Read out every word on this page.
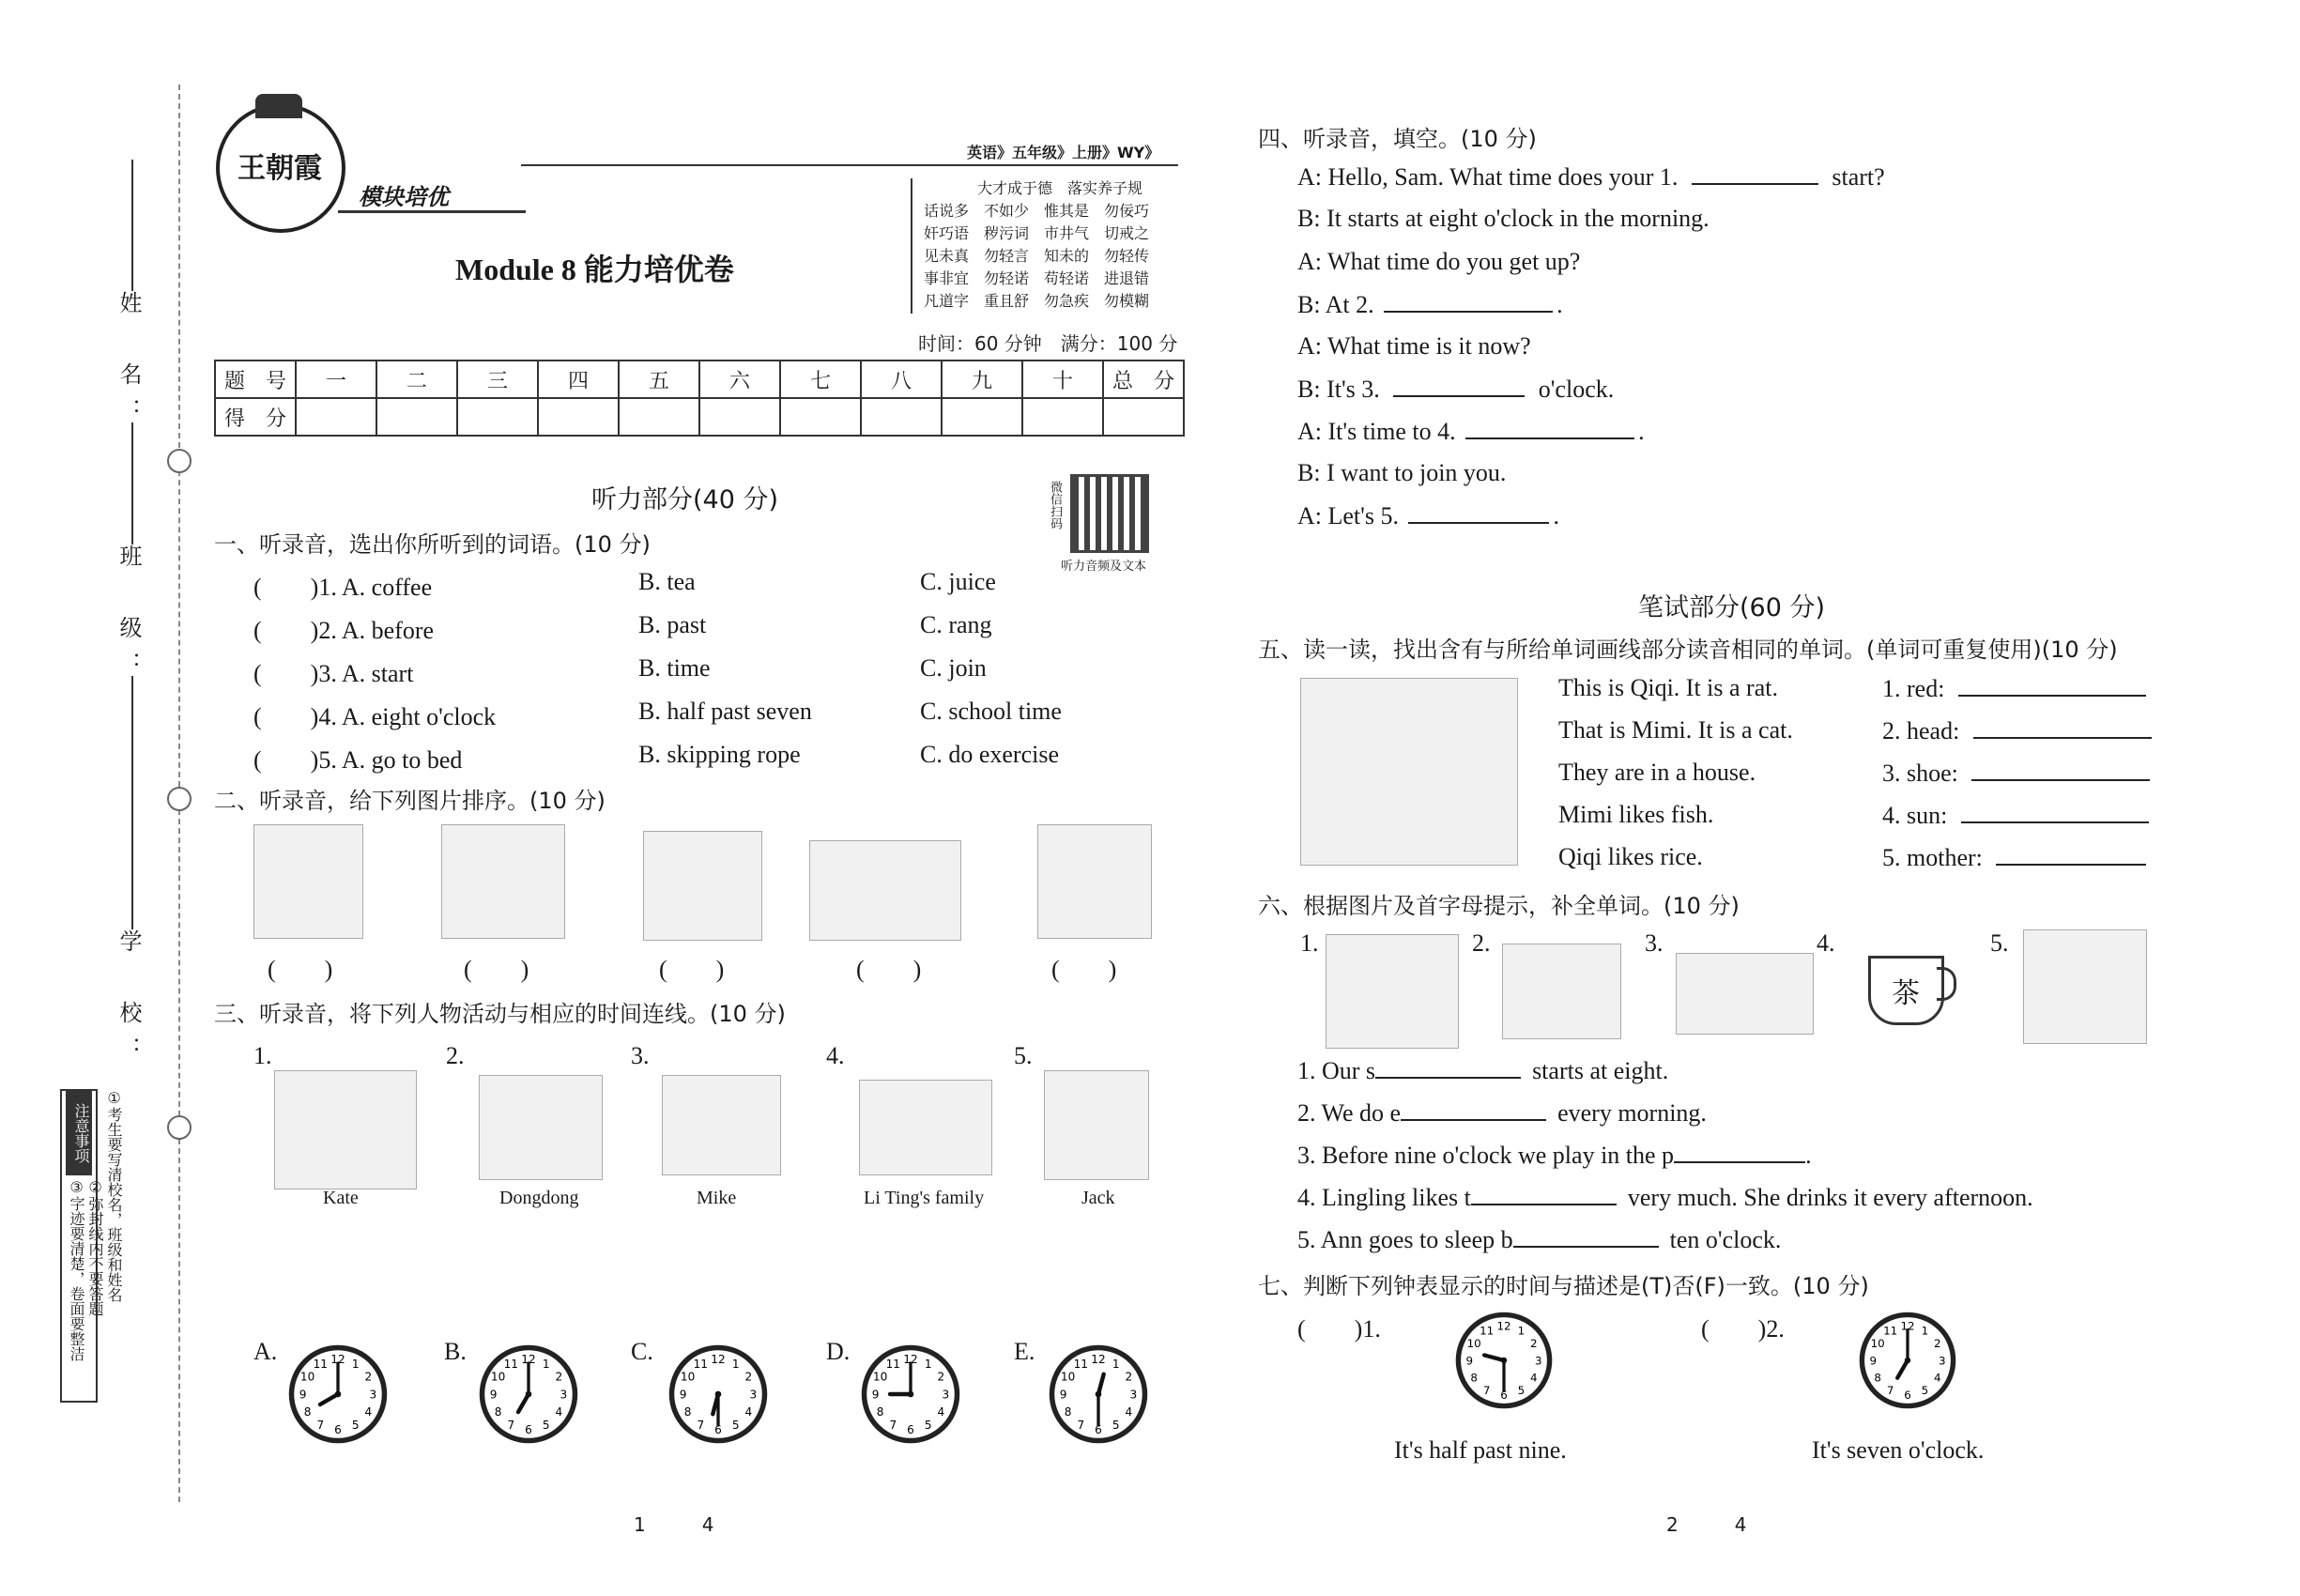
姓　名：
班　级：
学　校：
注意事项 ①考生要写清校名，班级和姓名
②弥封线内不要答题
③字迹要清楚，卷面要整洁
王朝霞
模块培优
英语》五年级》上册》WY》
大才成于德　落实养子规
话说多　不如少　惟其是　勿佞巧
奸巧语　秽污词　市井气　切戒之
见未真　勿轻言　知未的　勿轻传
事非宜　勿轻诺　苟轻诺　进退错
凡道字　重且舒　勿急疾　勿模糊
Module 8 能力培优卷
时间：60 分钟　满分：100 分
题　号	一	二	三	四	五	六	七	八	九	十	总　分
得　分											
听力部分(40 分)	微信扫码
听力音频及文本
一、听录音，选出你所听到的词语。(10 分)
(　　)1. A. coffee	B. tea	C. juice
(　　)2. A. before	B. past	C. rang
(　　)3. A. start	B. time	C. join
(　　)4. A. eight o'clock	B. half past seven	C. school time
(　　)5. A. go to bed	B. skipping rope	C. do exercise
二、听录音，给下列图片排序。(10 分)
(　　)	(　　)	(　　)	(　　)	(　　)
三、听录音，将下列人物活动与相应的时间连线。(10 分)
1.
Kate
2.
Dongdong
3.
Mike
4.
Li Ting's family
5.
Jack
A.	B.	C.	D.	E.
1
2
3
4
5
6
7
8
9
10
11 12	1
2
3
4
5
6
7
8
9
10
11 12	1
2
3
4
5
6
7
8
9
10
11 12	1
2
3
4
5
6
7
8
9
10
11 12	1
2
3
4
5
6
7
8
9
10
11 12
四、听录音，填空。(10 分)
A: Hello, Sam. What time does your 1.	start?
B: It starts at eight o'clock in the morning.
A: What time do you get up?
B: At 2.	.
A: What time is it now?
B: It's 3.	o'clock.
A: It's time to 4.	.
B: I want to join you.
A: Let's 5.	.
笔试部分(60 分)
五、读一读，找出含有与所给单词画线部分读音相同的单词。(单词可重复使用)(10 分)
This is Qiqi. It is a rat.
That is Mimi. It is a cat.
They are in a house.
Mimi likes fish.
Qiqi likes rice.
1. red:
2. head:
3. shoe:
4. sun:
5. mother:
六、根据图片及首字母提示，补全单词。(10 分)
1.	2.	3.	4.
茶
5.
1. Our s	starts at eight.
2. We do e	every morning.
3. Before nine o'clock we play in the p	.
4. Lingling likes t	very much. She drinks it every afternoon.
5. Ann goes to sleep b	ten o'clock.
七、判断下列钟表显示的时间与描述是(T)否(F)一致。(10 分)
(　　)1.	1
2
3
4
5
6
7
8
9
10
11 12
It's half past nine.
(　　)2.	1
2
3
4
5
6
7
8
9
10
11 12
It's seven o'clock.
1　　　4	2　　　4
